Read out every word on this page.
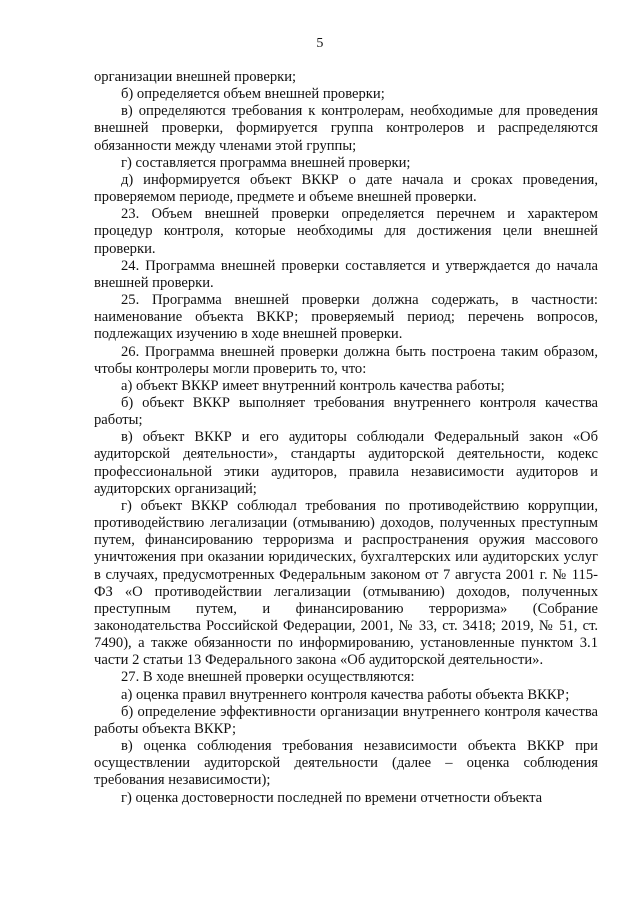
5

организации внешней проверки;

б) определяется объем внешней проверки;

в) определяются требования к контролерам, необходимые для проведения внешней проверки, формируется группа контролеров и распределяются обязанности между членами этой группы;

г) составляется программа внешней проверки;

д) информируется объект ВККР о дате начала и сроках проведения, проверяемом периоде, предмете и объеме внешней проверки.

23. Объем внешней проверки определяется перечнем и характером процедур контроля, которые необходимы для достижения цели внешней проверки.

24. Программа внешней проверки составляется и утверждается до начала внешней проверки.

25. Программа внешней проверки должна содержать, в частности: наименование объекта ВККР; проверяемый период; перечень вопросов, подлежащих изучению в ходе внешней проверки.

26. Программа внешней проверки должна быть построена таким образом, чтобы контролеры могли проверить то, что:

а) объект ВККР имеет внутренний контроль качества работы;

б) объект ВККР выполняет требования внутреннего контроля качества работы;

в) объект ВККР и его аудиторы соблюдали Федеральный закон «Об аудиторской деятельности», стандарты аудиторской деятельности, кодекс профессиональной этики аудиторов, правила независимости аудиторов и аудиторских организаций;

г) объект ВККР соблюдал требования по противодействию коррупции, противодействию легализации (отмыванию) доходов, полученных преступным путем, финансированию терроризма и распространения оружия массового уничтожения при оказании юридических, бухгалтерских или аудиторских услуг в случаях, предусмотренных Федеральным законом от 7 августа 2001 г. № 115-ФЗ «О противодействии легализации (отмыванию) доходов, полученных преступным путем, и финансированию терроризма» (Собрание законодательства Российской Федерации, 2001, № 33, ст. 3418; 2019, № 51, ст. 7490), а также обязанности по информированию, установленные пунктом 3.1 части 2 статьи 13 Федерального закона «Об аудиторской деятельности».

27. В ходе внешней проверки осуществляются:

а) оценка правил внутреннего контроля качества работы объекта ВККР;

б) определение эффективности организации внутреннего контроля качества работы объекта ВККР;

в) оценка соблюдения требования независимости объекта ВККР при осуществлении аудиторской деятельности (далее – оценка соблюдения требования независимости);

г) оценка достоверности последней по времени отчетности объекта
